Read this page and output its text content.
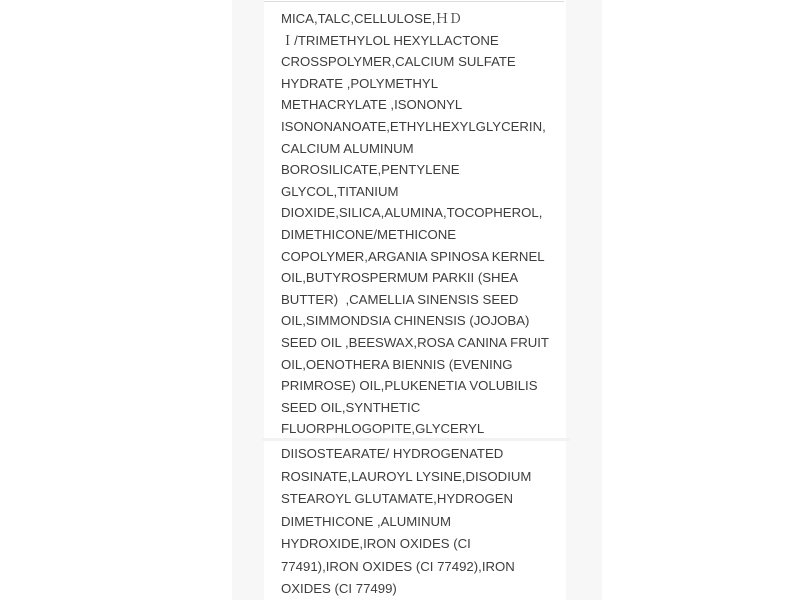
MICA,TALC,CELLULOSE,ＨＤ
Ｉ/TRIMETHYLOL HEXYLLACTONE
CROSSPOLYMER,CALCIUM SULFATE
HYDRATE ,POLYMETHYL
METHACRYLATE ,ISONONYL
ISONONANOATE,ETHYLHEXYLGLYCERIN,
CALCIUM ALUMINUM
BOROSILICATE,PENTYLENE
GLYCOL,TITANIUM
DIOXIDE,SILICA,ALUMINA,TOCOPHEROL,
DIMETHICONE/METHICONE
COPOLYMER,ARGANIA SPINOSA KERNEL
OIL,BUTYROSPERMUM PARKII (SHEA
BUTTER)  ,CAMELLIA SINENSIS SEED
OIL,SIMMONDSIA CHINENSIS (JOJOBA)
SEED OIL ,BEESWAX,ROSA CANINA FRUIT
OIL,OENOTHERA BIENNIS (EVENING
PRIMROSE) OIL,PLUKENETIA VOLUBILIS
SEED OIL,SYNTHETIC
FLUORPHLOGOPITE,GLYCERYL
DIISOSTEARATE/ HYDROGENATED
ROSINATE,LAUROYL LYSINE,DISODIUM
STEAROYL GLUTAMATE,HYDROGEN
DIMETHICONE ,ALUMINUM
HYDROXIDE,IRON OXIDES (CI
77491),IRON OXIDES (CI 77492),IRON
OXIDES (CI 77499)
